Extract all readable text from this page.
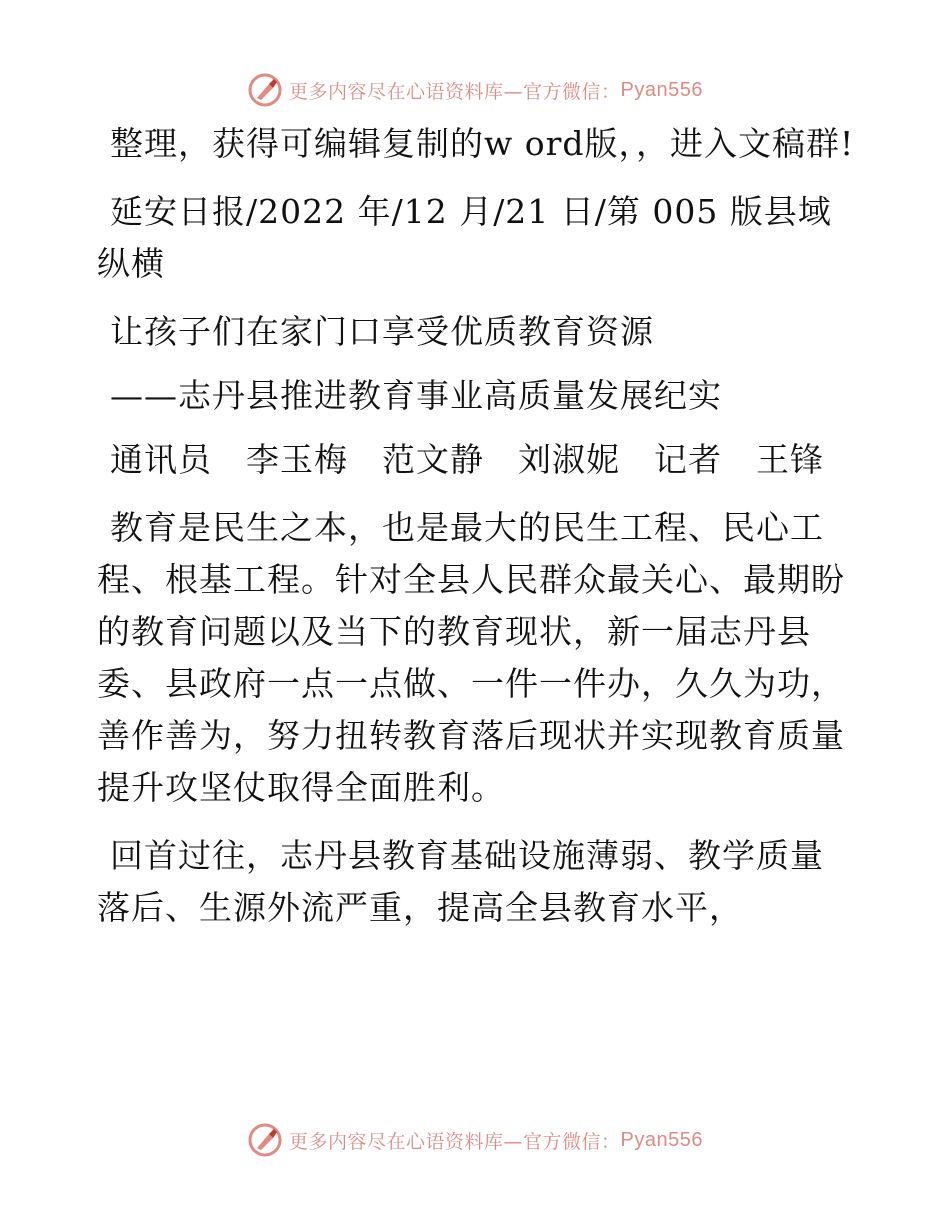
更多内容尽在心语资料库—官方微信： Pyan556

整理，获得可编辑复制的w ord版，，进入文稿群!

延安日报/2022 年/12 月/21 日/第 005 版县域纵横

让孩子们在家门口享受优质教育资源

——志丹县推进教育事业高质量发展纪实

通讯员　李玉梅　范文静　刘淑妮　记者　王锋

教育是民生之本，也是最大的民生工程、民心工程、根基工程。针对全县人民群众最关心、最期盼的教育问题以及当下的教育现状，新一届志丹县委、县政府一点一点做、一件一件办，久久为功，善作善为，努力扭转教育落后现状并实现教育质量提升攻坚仗取得全面胜利。

回首过往，志丹县教育基础设施薄弱、教学质量落后、生源外流严重，提高全县教育水平，

更多内容尽在心语资料库—官方微信： Pyan556
